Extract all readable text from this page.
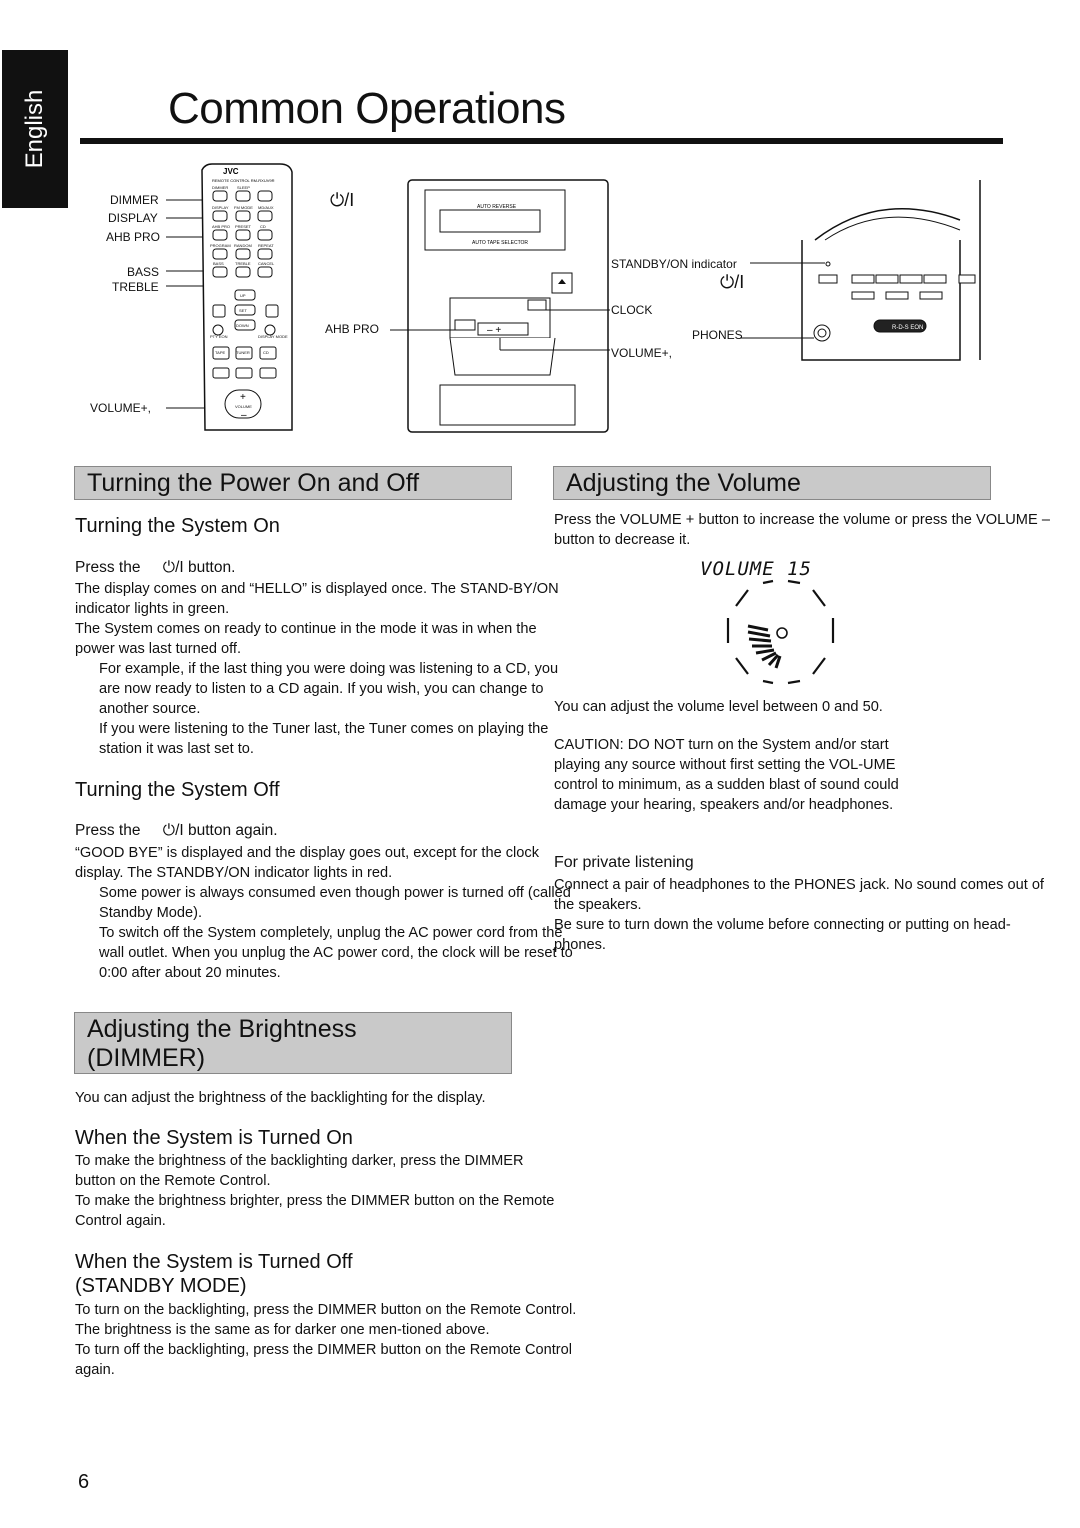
English	Common Operations
DIMMER
DISPLAY
AHB PRO
BASS
TREBLE
VOLUME+,
⏻/I
JVC
REMOTE CONTROL RM-RXUV9R
DIMMER SLEEP
DISPLAY FM MODE MD/AUX
AHB PRO PRESET CD
PROGRAM RANDOM REPEAT
BASS	TREBLE CANCEL
UP
SET
DOWN
PTY EON	DISPLAY MODE
TAPE	TUNER	CD
VOLUME
+
–
AUTO REVERSE
AUTO TAPE SELECTOR
– +	R-D-S EON
AHB PRO
STANDBY/ON indicator
⏻/I
CLOCK
PHONES
VOLUME+,
Turning the Power On and Off
Turning the System On
Press the ⏻/I button.

The display comes on and “HELLO” is displayed once. The STAND-BY/ON indicator lights in green.

The System comes on ready to continue in the mode it was in when the power was last turned off.

For example, if the last thing you were doing was listening to a CD, you are now ready to listen to a CD again. If you wish, you can change to another source.

If you were listening to the Tuner last, the Tuner comes on playing the station it was last set to.

Turning the System Off
Press the ⏻/I button again.

“GOOD BYE” is displayed and the display goes out, except for the clock display. The STANDBY/ON indicator lights in red.

Some power is always consumed even though power is turned off (called Standby Mode).

To switch off the System completely, unplug the AC power cord from the wall outlet. When you unplug the AC power cord, the clock will be reset to 0:00 after about 20 minutes.

Adjusting the Brightness
(DIMMER)
You can adjust the brightness of the backlighting for the display.
When the System is Turned On

To make the brightness of the backlighting darker, press the DIMMER button on the Remote Control.

To make the brightness brighter, press the DIMMER button on the Remote Control again.

When the System is Turned Off
(STANDBY MODE)

To turn on the backlighting, press the DIMMER button on the Remote Control. The brightness is the same as for darker one men-tioned above.

To turn off the backlighting, press the DIMMER button on the Remote Control again.

Adjusting the Volume
Press the VOLUME + button to increase the volume or press the VOLUME – button to decrease it.
VOLUME 15
You can adjust the volume level between 0 and 50.
CAUTION: DO NOT turn on the System and/or start playing any source without first setting the VOL-UME control to minimum, as a sudden blast of sound could damage your hearing, speakers and/or headphones.
For private listening

Connect a pair of headphones to the PHONES jack. No sound comes out of the speakers.

Be sure to turn down the volume before connecting or putting on head-phones.

6
